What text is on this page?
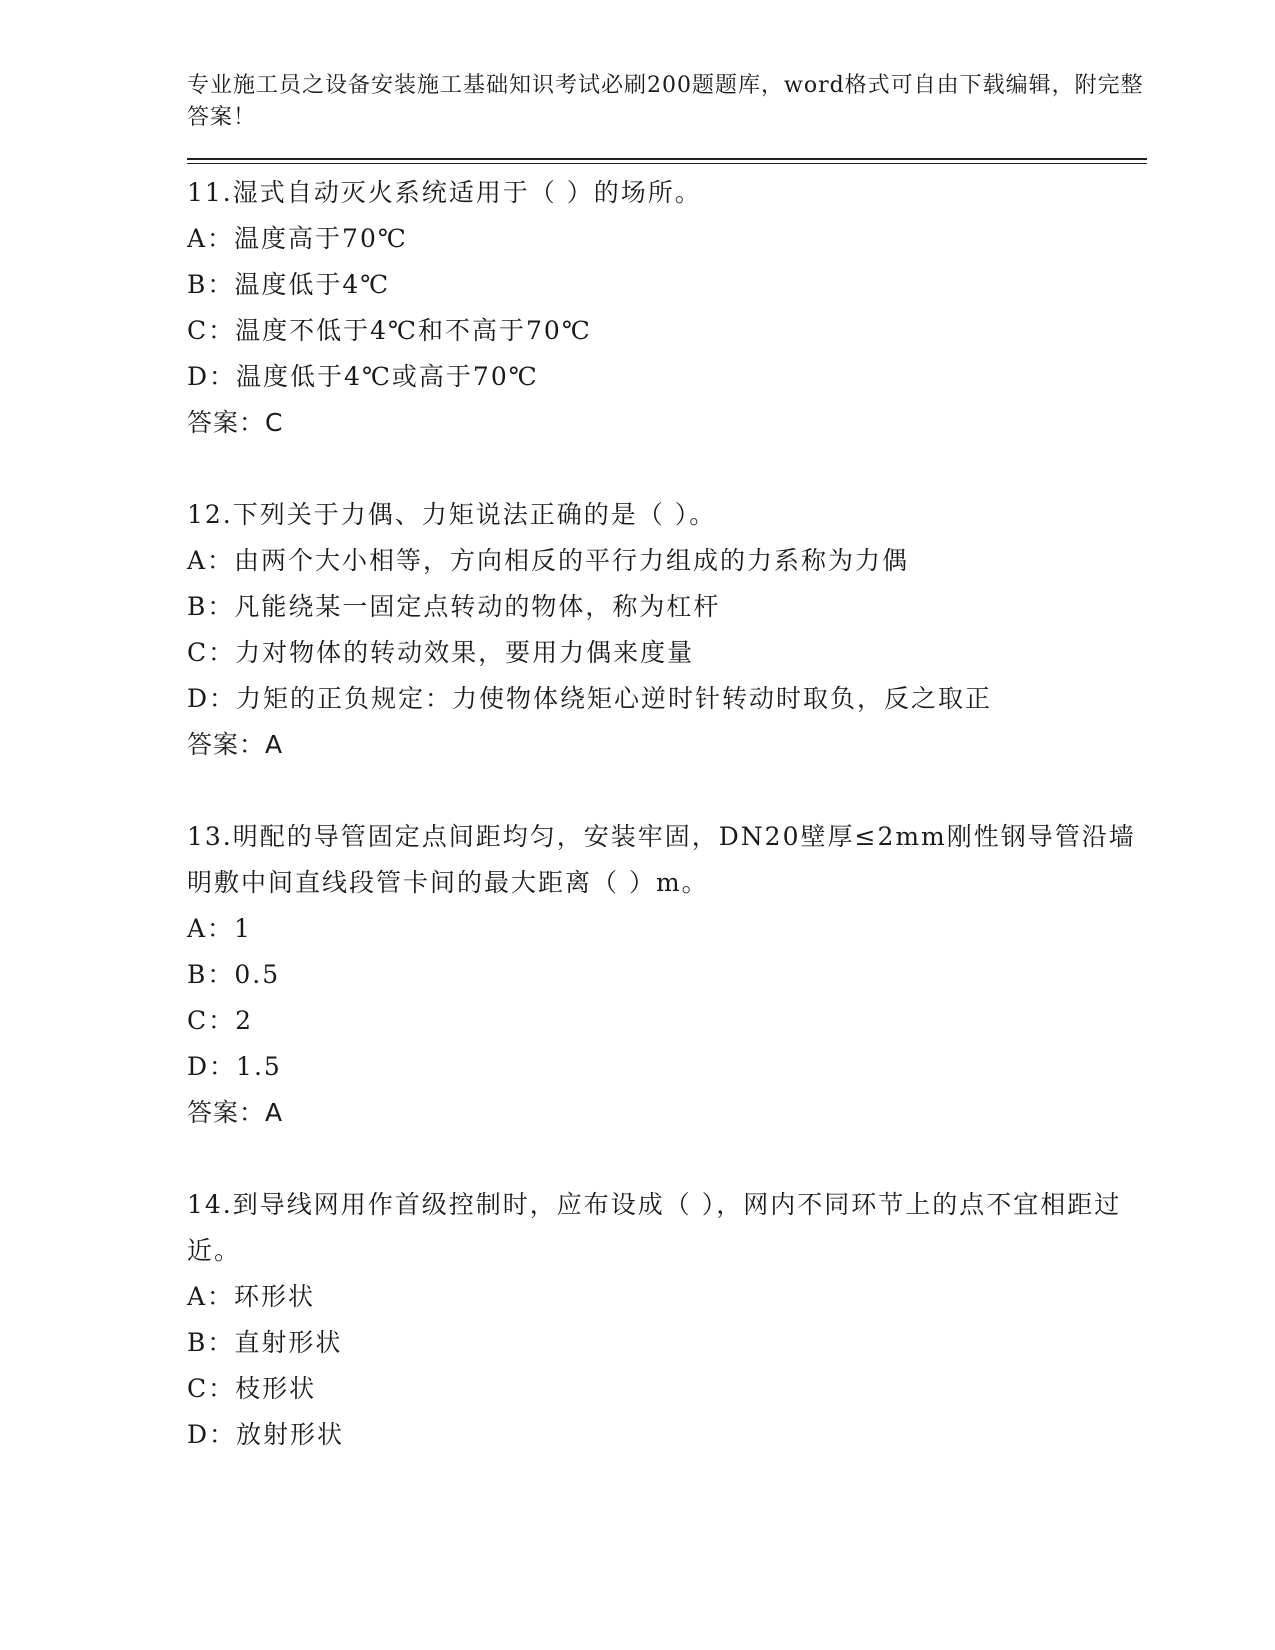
专业施工员之设备安装施工基础知识考试必刷200题题库，word格式可自由下载编辑，附完整答案！

11.湿式自动灭火系统适用于（ ）的场所。

A：温度高于70℃

B：温度低于4℃

C：温度不低于4℃和不高于70℃

D：温度低于4℃或高于70℃

答案：C

12.下列关于力偶、力矩说法正确的是（ ）。

A：由两个大小相等，方向相反的平行力组成的力系称为力偶

B：凡能绕某一固定点转动的物体，称为杠杆

C：力对物体的转动效果，要用力偶来度量

D：力矩的正负规定：力使物体绕矩心逆时针转动时取负，反之取正

答案：A

13.明配的导管固定点间距均匀，安装牢固，DN20壁厚≤2mm刚性钢导管沿墙明敷中间直线段管卡间的最大距离（ ）m。

A：1

B：0.5

C：2

D：1.5

答案：A

14.到导线网用作首级控制时，应布设成（ ），网内不同环节上的点不宜相距过近。

A：环形状

B：直射形状

C：枝形状

D：放射形状
